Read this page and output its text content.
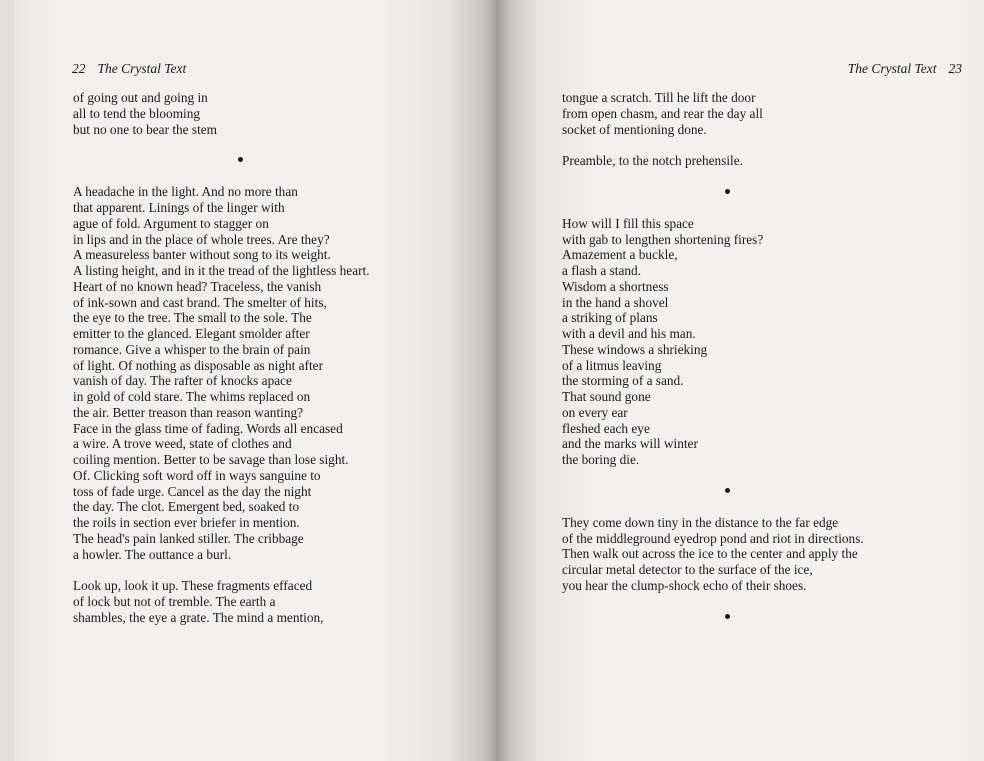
22 The Crystal Text
of going out and going in
all to tend the blooming
but no one to bear the stem
A headache in the light. And no more than
that apparent. Linings of the linger with
ague of fold. Argument to stagger on
in lips and in the place of whole trees. Are they?
A measureless banter without song to its weight.
A listing height, and in it the tread of the lightless heart.
Heart of no known head? Traceless, the vanish
of ink-sown and cast brand. The smelter of hits,
the eye to the tree. The small to the sole. The
emitter to the glanced. Elegant smolder after
romance. Give a whisper to the brain of pain
of light. Of nothing as disposable as night after
vanish of day. The rafter of knocks apace
in gold of cold stare. The whims replaced on
the air. Better treason than reason wanting?
Face in the glass time of fading. Words all encased
a wire. A trove weed, state of clothes and
coiling mention. Better to be savage than lose sight.
Of. Clicking soft word off in ways sanguine to
toss of fade urge. Cancel as the day the night
the day. The clot. Emergent bed, soaked to
the roils in section ever briefer in mention.
The head's pain lanked stiller. The cribbage
a howler. The outtance a burl.
Look up, look it up. These fragments effaced
of lock but not of tremble. The earth a
shambles, the eye a grate. The mind a mention,
The Crystal Text 23
tongue a scratch. Till he lift the door
from open chasm, and rear the day all
socket of mentioning done.
Preamble, to the notch prehensile.
How will I fill this space
with gab to lengthen shortening fires?
Amazement a buckle,
a flash a stand.
Wisdom a shortness
in the hand a shovel
a striking of plans
with a devil and his man.
These windows a shrieking
of a litmus leaving
the storming of a sand.
That sound gone
on every ear
fleshed each eye
and the marks will winter
the boring die.
They come down tiny in the distance to the far edge
of the middleground eyedrop pond and riot in directions.
Then walk out across the ice to the center and apply the
circular metal detector to the surface of the ice,
you hear the clump-shock echo of their shoes.
